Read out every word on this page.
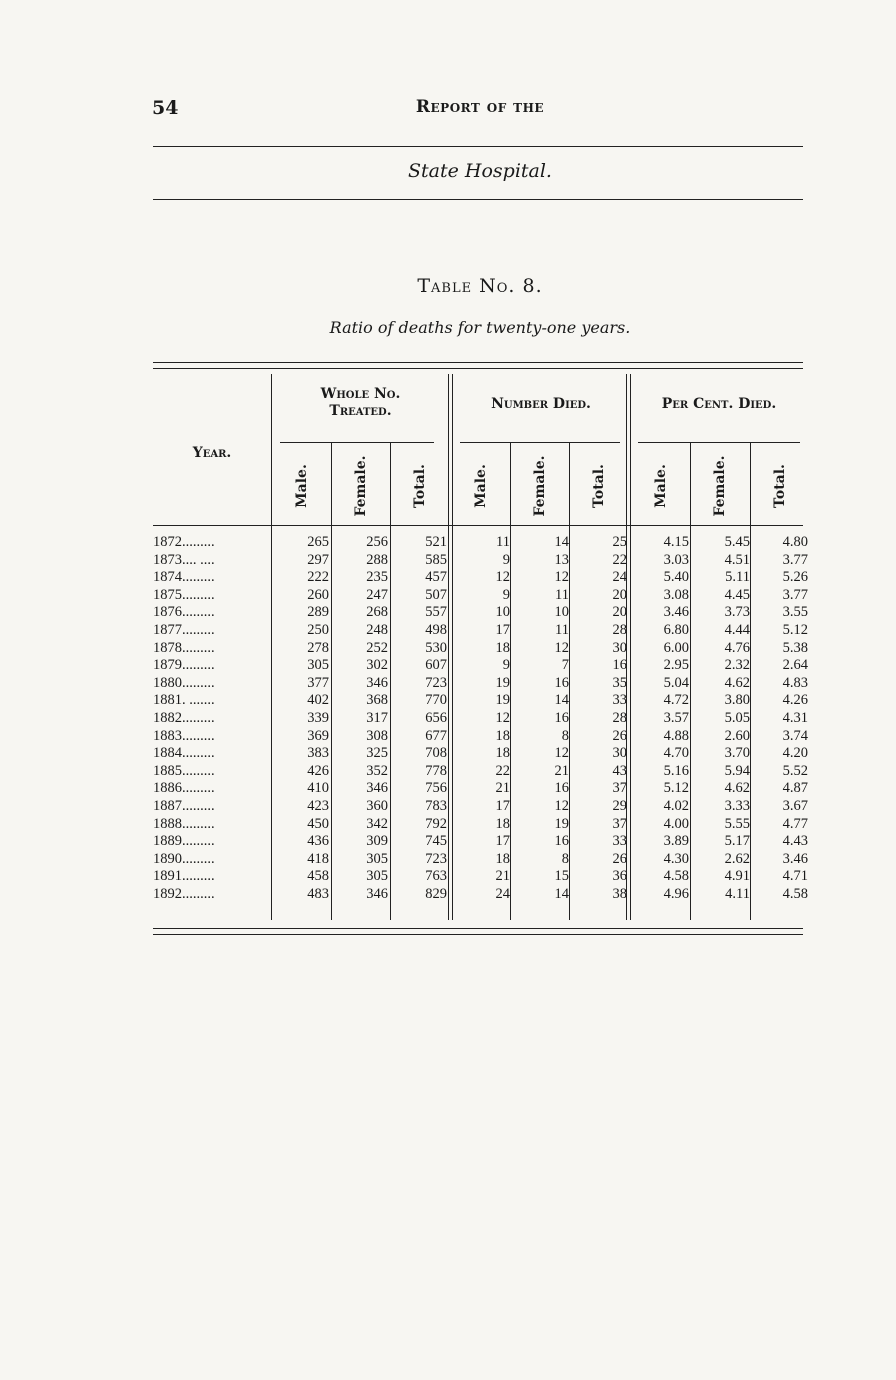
54	Report of the
State Hospital.
Table No. 8.
Ratio of deaths for twenty-one years.
Whole No. Treated.	Number Died.	Per Cent. Died.
Year.
Male.	Female.	Total.	Male.	Female.	Total.	Male.	Female.	Total.
1872.........	265	256	521	11	14	25	4.15	5.45	4.80
1873.... ....	297	288	585	9	13	22	3.03	4.51	3.77
1874.........	222	235	457	12	12	24	5.40	5.11	5.26
1875.........	260	247	507	9	11	20	3.08	4.45	3.77
1876.........	289	268	557	10	10	20	3.46	3.73	3.55
1877.........	250	248	498	17	11	28	6.80	4.44	5.12
1878.........	278	252	530	18	12	30	6.00	4.76	5.38
1879.........	305	302	607	9	7	16	2.95	2.32	2.64
1880.........	377	346	723	19	16	35	5.04	4.62	4.83
1881. .......	402	368	770	19	14	33	4.72	3.80	4.26
1882.........	339	317	656	12	16	28	3.57	5.05	4.31
1883.........	369	308	677	18	8	26	4.88	2.60	3.74
1884.........	383	325	708	18	12	30	4.70	3.70	4.20
1885.........	426	352	778	22	21	43	5.16	5.94	5.52
1886.........	410	346	756	21	16	37	5.12	4.62	4.87
1887.........	423	360	783	17	12	29	4.02	3.33	3.67
1888.........	450	342	792	18	19	37	4.00	5.55	4.77
1889.........	436	309	745	17	16	33	3.89	5.17	4.43
1890.........	418	305	723	18	8	26	4.30	2.62	3.46
1891.........	458	305	763	21	15	36	4.58	4.91	4.71
1892.........	483	346	829	24	14	38	4.96	4.11	4.58
